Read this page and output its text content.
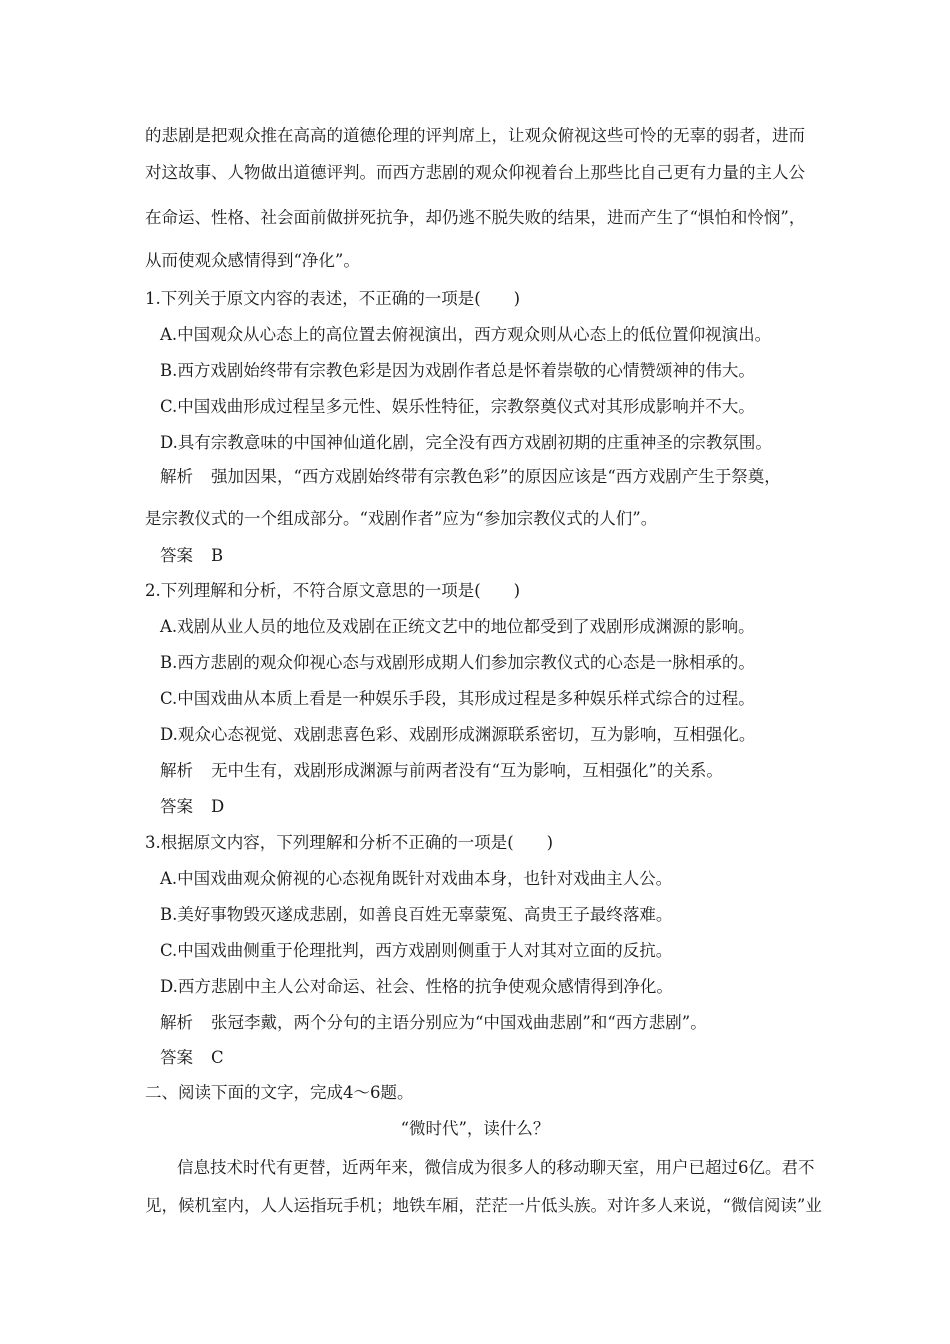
的悲剧是把观众推在高高的道德伦理的评判席上，让观众俯视这些可怜的无辜的弱者，进而
对这故事、人物做出道德评判。而西方悲剧的观众仰视着台上那些比自己更有力量的主人公
在命运、性格、社会面前做拼死抗争，却仍逃不脱失败的结果，进而产生了“惧怕和怜悯”，
从而使观众感情得到“净化”。
1.下列关于原文内容的表述，不正确的一项是(　　)
A.中国观众从心态上的高位置去俯视演出，西方观众则从心态上的低位置仰视演出。
B.西方戏剧始终带有宗教色彩是因为戏剧作者总是怀着崇敬的心情赞颂神的伟大。
C.中国戏曲形成过程呈多元性、娱乐性特征，宗教祭奠仪式对其形成影响并不大。
D.具有宗教意味的中国神仙道化剧，完全没有西方戏剧初期的庄重神圣的宗教氛围。
解析 强加因果，“西方戏剧始终带有宗教色彩”的原因应该是“西方戏剧产生于祭奠，
是宗教仪式的一个组成部分。“戏剧作者”应为“参加宗教仪式的人们”。
答案 B
2.下列理解和分析，不符合原文意思的一项是(　　)
A.戏剧从业人员的地位及戏剧在正统文艺中的地位都受到了戏剧形成渊源的影响。
B.西方悲剧的观众仰视心态与戏剧形成期人们参加宗教仪式的心态是一脉相承的。
C.中国戏曲从本质上看是一种娱乐手段，其形成过程是多种娱乐样式综合的过程。
D.观众心态视觉、戏剧悲喜色彩、戏剧形成渊源联系密切，互为影响，互相强化。
解析 无中生有，戏剧形成渊源与前两者没有“互为影响，互相强化”的关系。
答案 D
3.根据原文内容，下列理解和分析不正确的一项是(　　)
A.中国戏曲观众俯视的心态视角既针对戏曲本身，也针对戏曲主人公。
B.美好事物毁灭遂成悲剧，如善良百姓无辜蒙冤、高贵王子最终落难。
C.中国戏曲侧重于伦理批判，西方戏剧则侧重于人对其对立面的反抗。
D.西方悲剧中主人公对命运、社会、性格的抗争使观众感情得到净化。
解析 张冠李戴，两个分句的主语分别应为“中国戏曲悲剧”和“西方悲剧”。
答案 C
二、阅读下面的文字，完成4～6题。
“微时代”，读什么？
信息技术时代有更替，近两年来，微信成为很多人的移动聊天室，用户已超过6亿。君不
见，候机室内，人人运指玩手机；地铁车厢，茫茫一片低头族。对许多人来说，“微信阅读”业
